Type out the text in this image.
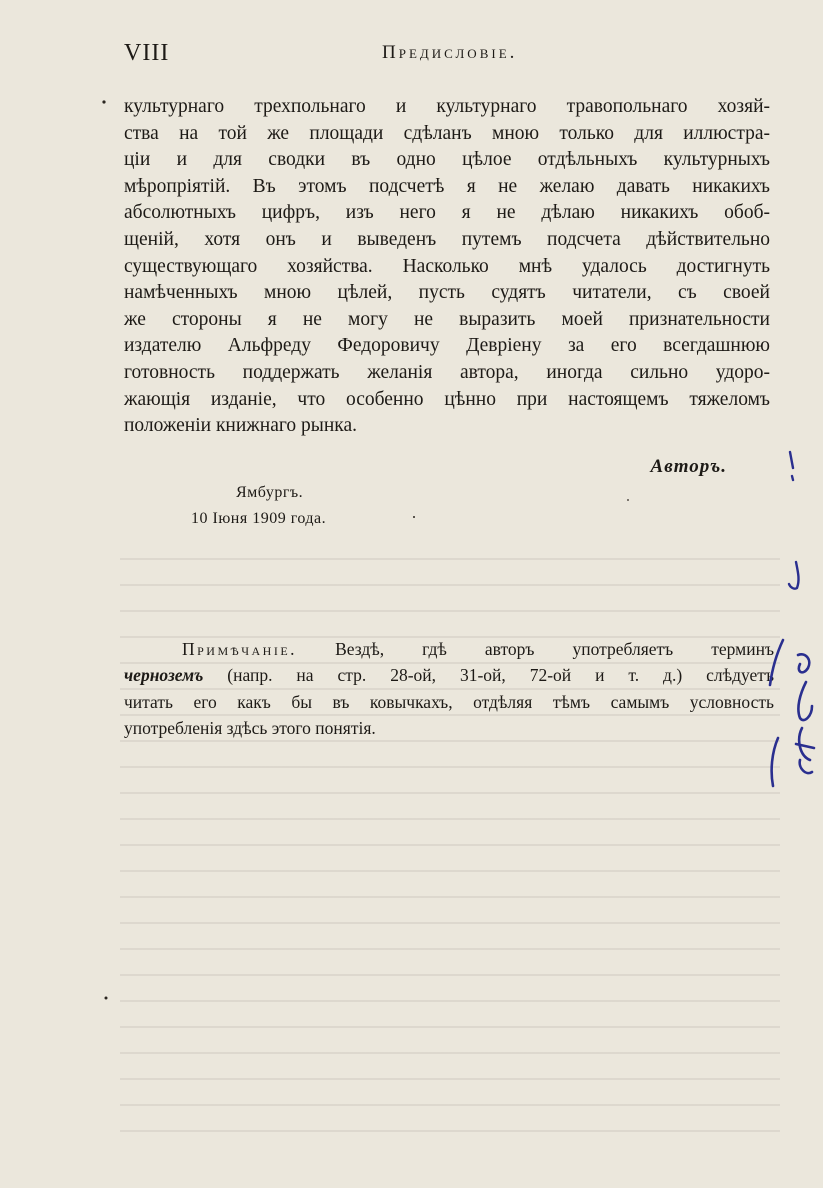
VIII	Предисловіе.
культурнаго трехпольнаго и культурнаго травопольнаго хозяй-
ства на той же площади сдѣланъ мною только для иллюстра-
ціи и для сводки въ одно цѣлое отдѣльныхъ культурныхъ
мѣропріятій. Въ этомъ подсчетѣ я не желаю давать никакихъ
абсолютныхъ цифръ, изъ него я не дѣлаю никакихъ обоб-
щеній, хотя онъ и выведенъ путемъ подсчета дѣйствительно
существующаго хозяйства. Насколько мнѣ удалось достигнуть
намѣченныхъ мною цѣлей, пусть судятъ читатели, съ своей
же стороны я не могу не выразить моей признательности
издателю Альфреду Федоровичу Девріену за его всегдашнюю
готовность поддержать желанія автора, иногда сильно удоро-
жающія изданіе, что особенно цѣнно при настоящемъ тяжеломъ
положеніи книжнаго рынка.
Авторъ.
Ямбургъ.
10 Іюня 1909 года.
Примѣчаніе. Вездѣ, гдѣ авторъ употребляетъ терминъ
черноземъ (напр. на стр. 28-ой, 31-ой, 72-ой и т. д.) слѣдуетъ
читать его какъ бы въ ковычкахъ, отдѣляя тѣмъ самымъ условность
употребленія здѣсь этого понятія.
